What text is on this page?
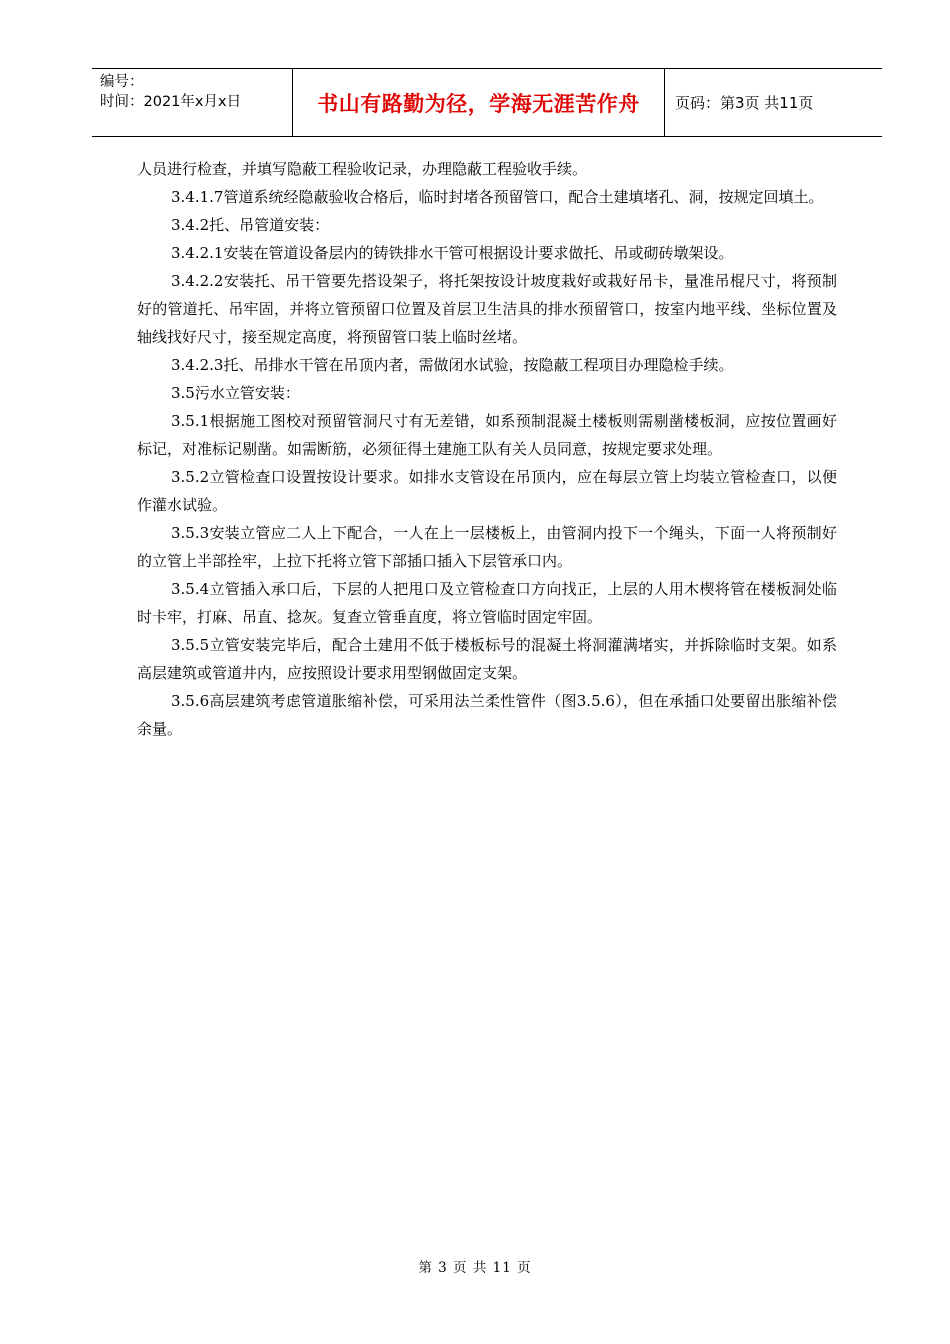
编号：
时间：2021年x月x日	书山有路勤为径，学海无涯苦作舟	页码：第3页 共11页

人员进行检查，并填写隐蔽工程验收记录，办理隐蔽工程验收手续。

3.4.1.7管道系统经隐蔽验收合格后，临时封堵各预留管口，配合土建填堵孔、洞，按规定回填土。

3.4.2托、吊管道安装：

3.4.2.1安装在管道设备层内的铸铁排水干管可根据设计要求做托、吊或砌砖墩架设。

3.4.2.2安装托、吊干管要先搭设架子，将托架按设计坡度栽好或栽好吊卡，量准吊棍尺寸，将预制好的管道托、吊牢固，并将立管预留口位置及首层卫生洁具的排水预留管口，按室内地平线、坐标位置及轴线找好尺寸，接至规定高度，将预留管口装上临时丝堵。

3.4.2.3托、吊排水干管在吊顶内者，需做闭水试验，按隐蔽工程项目办理隐检手续。

3.5污水立管安装：

3.5.1根据施工图校对预留管洞尺寸有无差错，如系预制混凝土楼板则需剔凿楼板洞，应按位置画好标记，对准标记剔凿。如需断筋，必须征得土建施工队有关人员同意，按规定要求处理。

3.5.2立管检查口设置按设计要求。如排水支管设在吊顶内，应在每层立管上均装立管检查口，以便作灌水试验。

3.5.3安装立管应二人上下配合，一人在上一层楼板上，由管洞内投下一个绳头，下面一人将预制好的立管上半部拴牢，上拉下托将立管下部插口插入下层管承口内。

3.5.4立管插入承口后，下层的人把甩口及立管检查口方向找正，上层的人用木楔将管在楼板洞处临时卡牢，打麻、吊直、捻灰。复查立管垂直度，将立管临时固定牢固。

3.5.5立管安装完毕后，配合土建用不低于楼板标号的混凝土将洞灌满堵实，并拆除临时支架。如系高层建筑或管道井内，应按照设计要求用型钢做固定支架。

3.5.6高层建筑考虑管道胀缩补偿，可采用法兰柔性管件（图3.5.6），但在承插口处要留出胀缩补偿余量。

第 3 页 共 11 页
